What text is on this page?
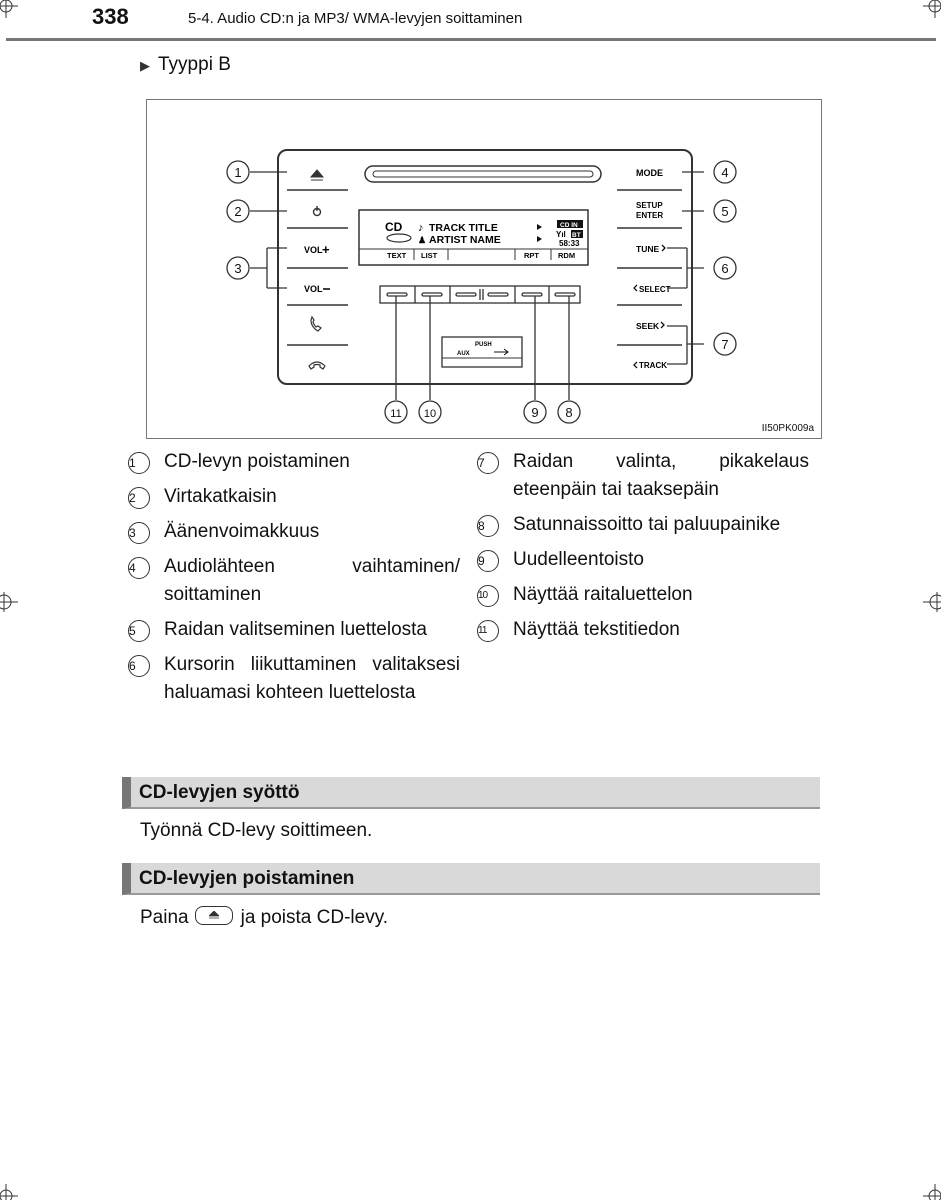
338	5-4. Audio CD:n ja MP3/ WMA-levyjen soittaminen
▶ Tyyppi B
VOL +
VOL
MODE
SETUP
ENTER
TUNE
SELECT
SEEK
TRACK
CD ♪ TRACK TITLE
♟ ARTIST NAME
CD IN
Yıl BT
58:33
TEXT LIST	RPT	RDM
PUSH
AUX
1
2
3
4
5
6
7
11 10	9 8
II50PK009a
1	CD-levyn poistaminen
2	Virtakatkaisin
3	Äänenvoimakkuus
4	Audiolähteen vaihtaminen/ soittaminen
5	Raidan valitseminen luettelosta
6	Kursorin liikuttaminen valitaksesi haluamasi kohteen luettelosta
7	Raidan valinta, pikakelaus eteenpäin tai taaksepäin
8	Satunnaissoitto tai paluupainike
9	Uudelleentoisto
10	Näyttää raitaluettelon
11	Näyttää tekstitiedon
CD-levyjen syöttö
Työnnä CD-levy soittimeen.
CD-levyjen poistaminen
Paina	ja poista CD-levy.
